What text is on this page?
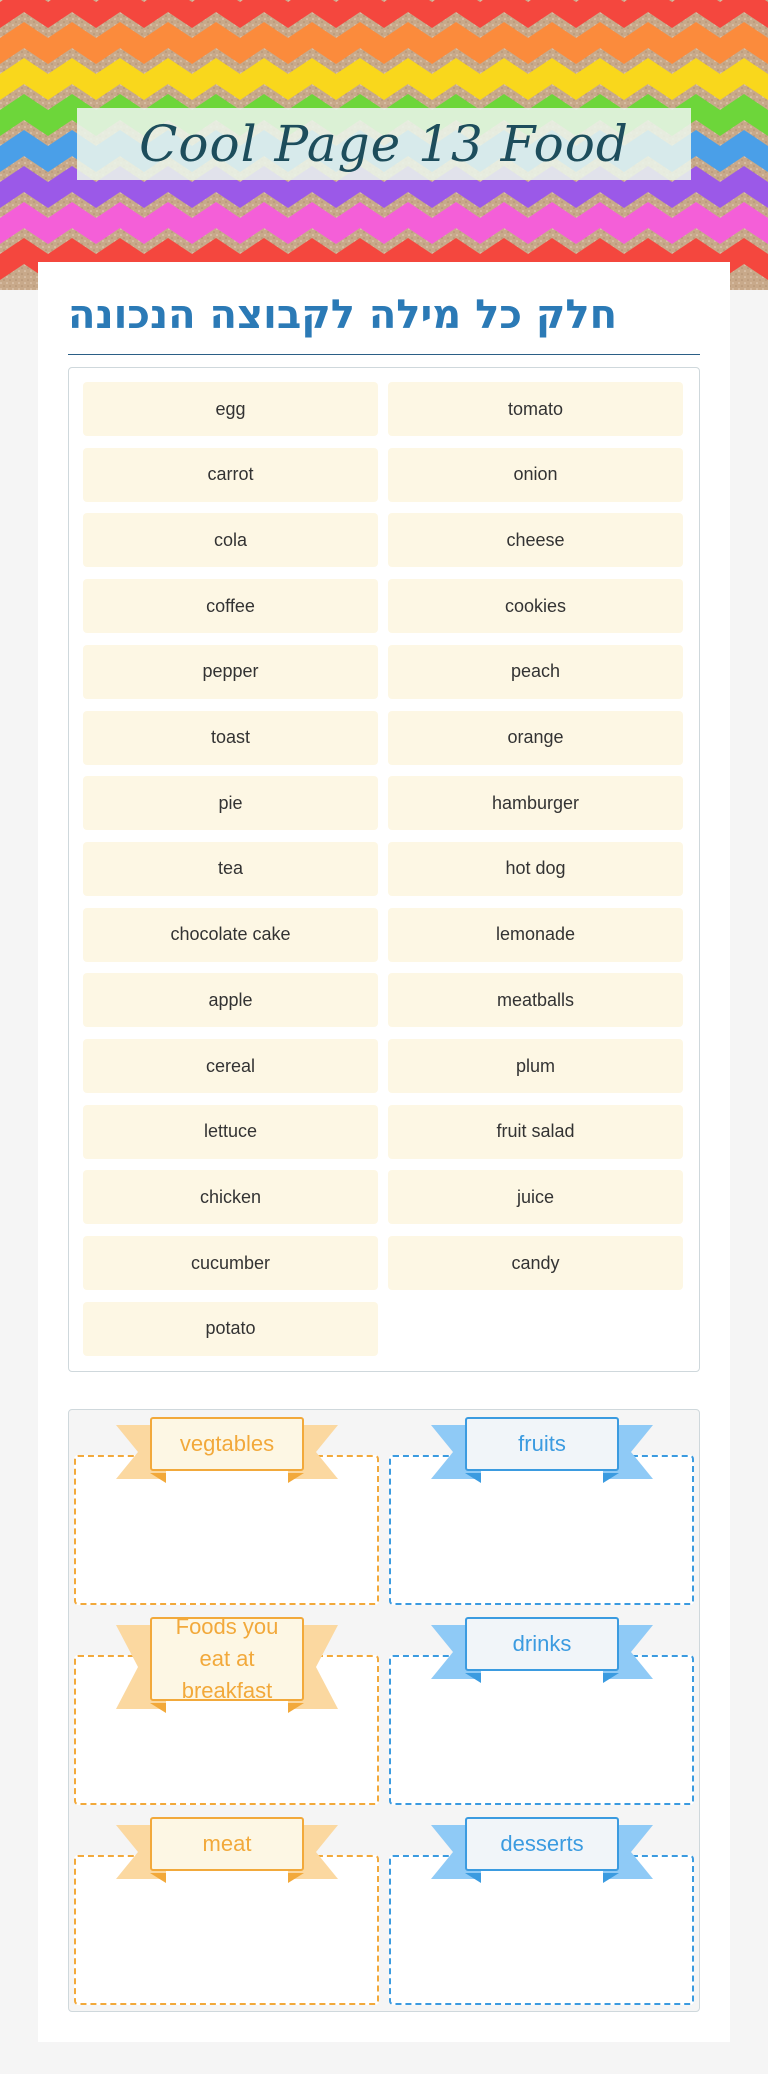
Cool Page 13 Food
חלק כל מילה לקבוצה הנכונה
egg	tomato
carrot	onion
cola	cheese
coffee	cookies
pepper	peach
toast	orange
pie	hamburger
tea	hot dog
chocolate cake	lemonade
apple	meatballs
cereal	plum
lettuce	fruit salad
chicken	juice
cucumber	candy
potato
vegtables	fruits
Foods you eat at breakfast
drinks
meat	desserts
